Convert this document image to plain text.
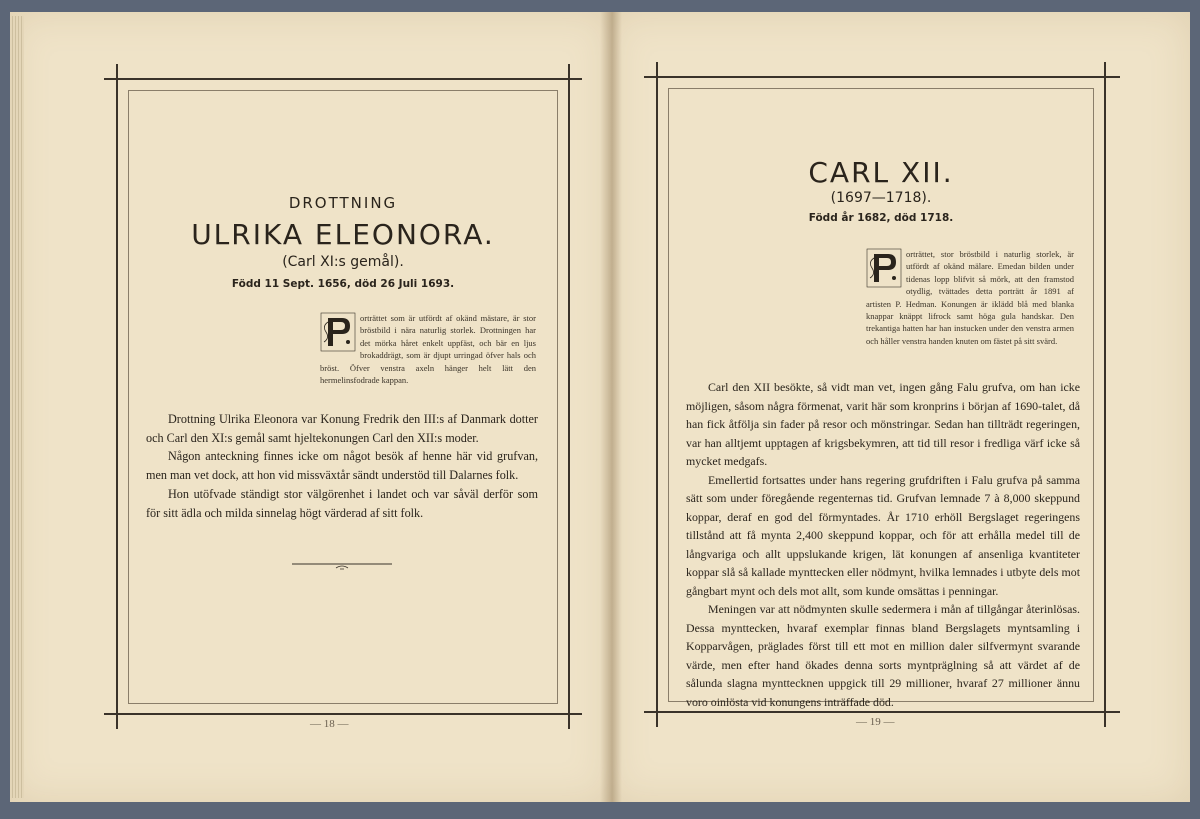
DROTTNING
ULRIKA ELEONORA.
(Carl XI:s gemål).
Född 11 Sept. 1656, död 26 Juli 1693.
orträttet som är utfördt af okänd mästare, är stor bröstbild i nära naturlig storlek. Drottningen har det mörka håret enkelt uppfäst, och bär en ljus brokaddrägt, som är djupt urringad öfver hals och bröst. Öfver venstra axeln hänger helt lätt den hermelinsfodrade kappan.

Drottning Ulrika Eleonora var Konung Fredrik den III:s af Danmark dotter och Carl den XI:s gemål samt hjeltekonungen Carl den XII:s moder.

Någon anteckning finnes icke om något besök af henne här vid grufvan, men man vet dock, att hon vid missväxtår sändt understöd till Dalarnes folk.

Hon utöfvade ständigt stor välgörenhet i landet och var såväl derför som för sitt ädla och milda sinnelag högt värderad af sitt folk.

— 18 —
CARL XII.
(1697—1718).
Född år 1682, död 1718.
orträttet, stor bröstbild i naturlig storlek, är utfördt af okänd mälare. Emedan bilden under tidenas lopp blifvit så mörk, att den framstod otydlig, tvättades detta porträtt år 1891 af artisten P. Hedman. Konungen är iklädd blå med blanka knappar knäppt lifrock samt höga gula handskar. Den trekantiga hatten har han instucken under den venstra armen och håller venstra handen knuten om fästet på sitt svärd.

Carl den XII besökte, så vidt man vet, ingen gång Falu grufva, om han icke möjligen, såsom några förmenat, varit här som kronprins i början af 1690-talet, då han fick åtfölja sin fader på resor och mönstringar. Sedan han tillträdt regeringen, var han alltjemt upptagen af krigsbekymren, att tid till resor i fredliga värf icke så mycket medgafs.

Emellertid fortsattes under hans regering grufdriften i Falu grufva på samma sätt som under föregående regenternas tid. Grufvan lemnade 7 à 8,000 skeppund koppar, deraf en god del förmyntades. År 1710 erhöll Bergslaget regeringens tillstånd att få mynta 2,400 skeppund koppar, och för att erhålla medel till de långvariga och allt uppslukande krigen, lät konungen af ansenliga kvantiteter koppar slå så kallade mynttecken eller nödmynt, hvilka lemnades i utbyte dels mot gångbart mynt och dels mot allt, som kunde omsättas i penningar.

Meningen var att nödmynten skulle sedermera i mån af tillgångar återinlösas. Dessa mynttecken, hvaraf exemplar finnas bland Bergslagets myntsamling i Kopparvågen, präglades först till ett mot en million daler silfvermynt svarande värde, men efter hand ökades denna sorts myntpräglning så att värdet af de sålunda slagna mynttecknen uppgick till 29 millioner, hvaraf 27 millioner ännu voro oinlösta vid konungens inträffade död.

— 19 —
